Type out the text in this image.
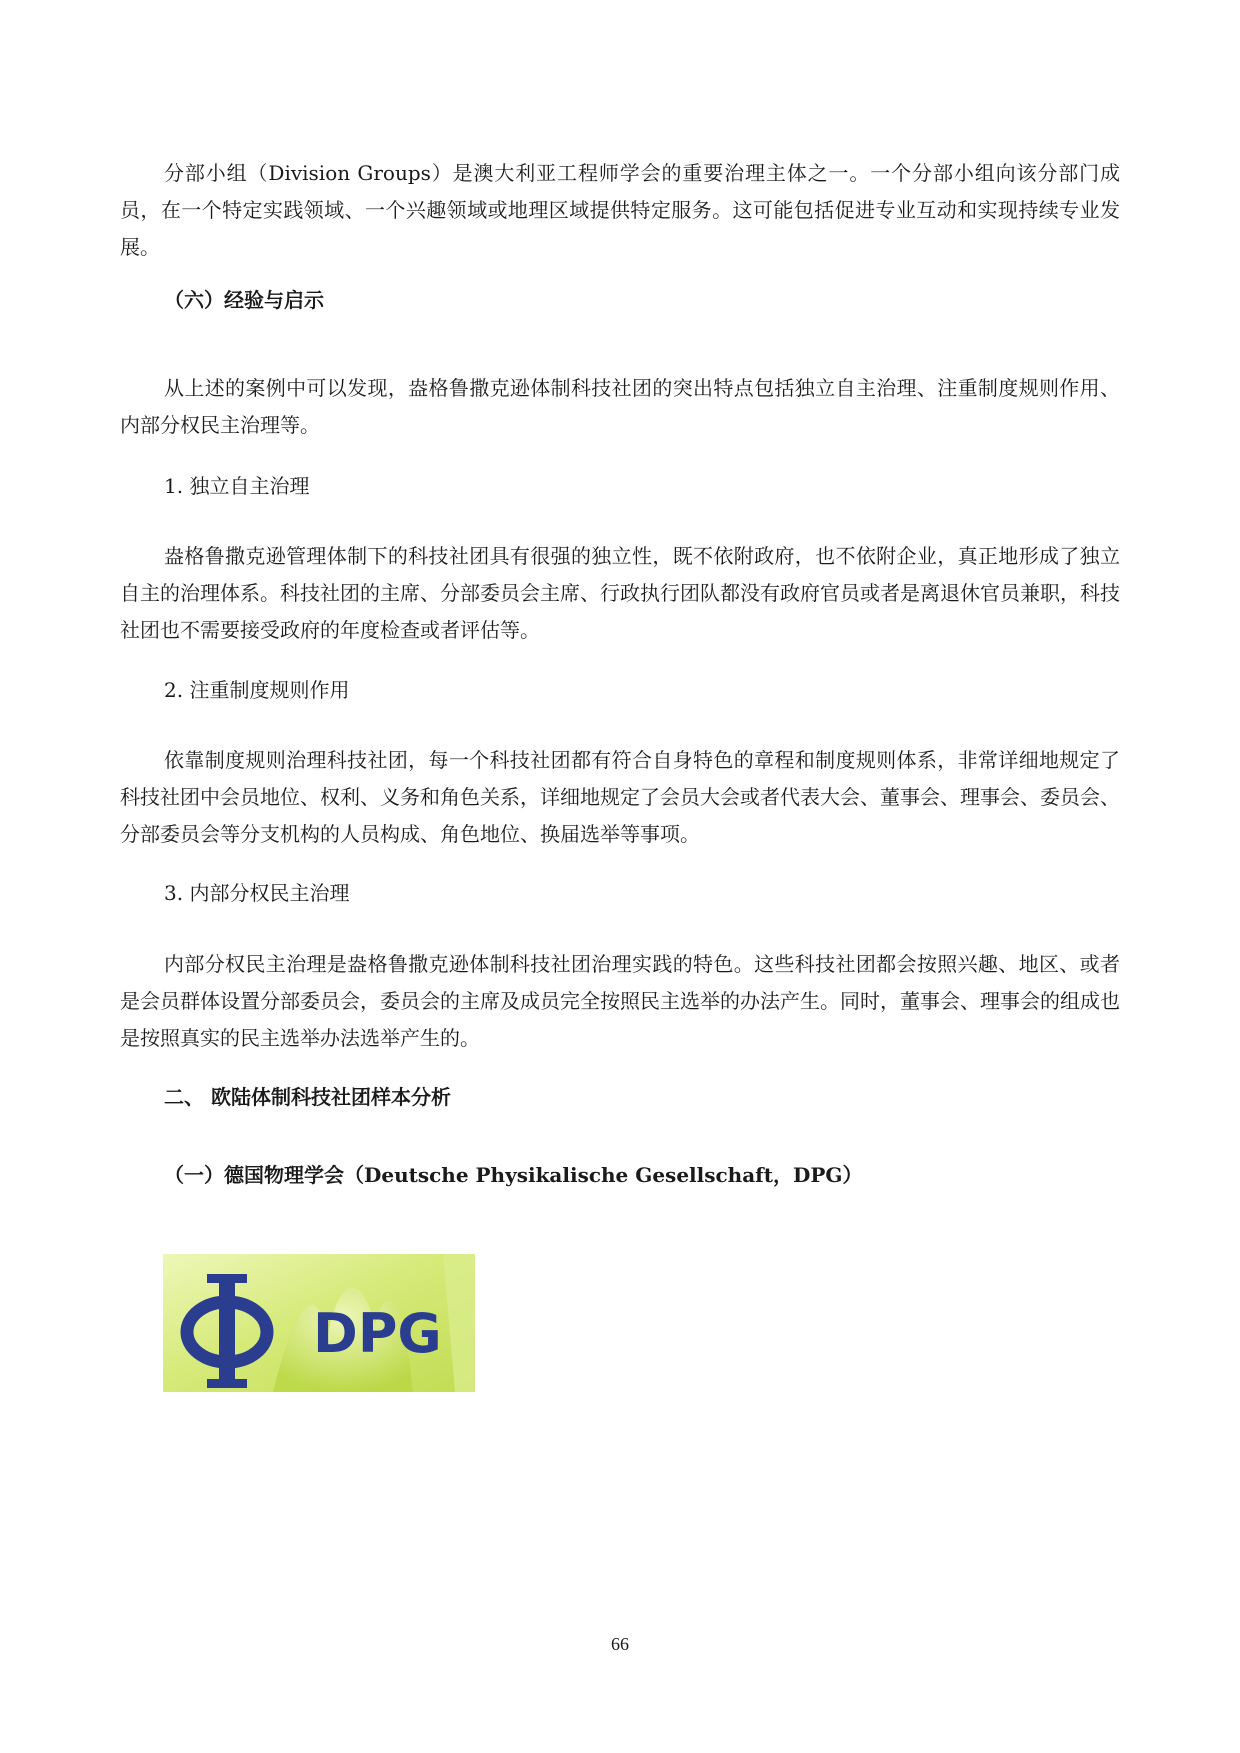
分部小组（Division Groups）是澳大利亚工程师学会的重要治理主体之一。一个分部小组向该分部门成员，在一个特定实践领域、一个兴趣领域或地理区域提供特定服务。这可能包括促进专业互动和实现持续专业发展。

（六）经验与启示

从上述的案例中可以发现，盎格鲁撒克逊体制科技社团的突出特点包括独立自主治理、注重制度规则作用、内部分权民主治理等。

1. 独立自主治理

盎格鲁撒克逊管理体制下的科技社团具有很强的独立性，既不依附政府，也不依附企业，真正地形成了独立自主的治理体系。科技社团的主席、分部委员会主席、行政执行团队都没有政府官员或者是离退休官员兼职，科技社团也不需要接受政府的年度检查或者评估等。

2. 注重制度规则作用

依靠制度规则治理科技社团，每一个科技社团都有符合自身特色的章程和制度规则体系，非常详细地规定了科技社团中会员地位、权利、义务和角色关系，详细地规定了会员大会或者代表大会、董事会、理事会、委员会、分部委员会等分支机构的人员构成、角色地位、换届选举等事项。

3. 内部分权民主治理

内部分权民主治理是盎格鲁撒克逊体制科技社团治理实践的特色。这些科技社团都会按照兴趣、地区、或者是会员群体设置分部委员会，委员会的主席及成员完全按照民主选举的办法产生。同时，董事会、理事会的组成也是按照真实的民主选举办法选举产生的。

二、 欧陆体制科技社团样本分析

（一）德国物理学会（Deutsche Physikalische Gesellschaft，DPG）

DPG
66
